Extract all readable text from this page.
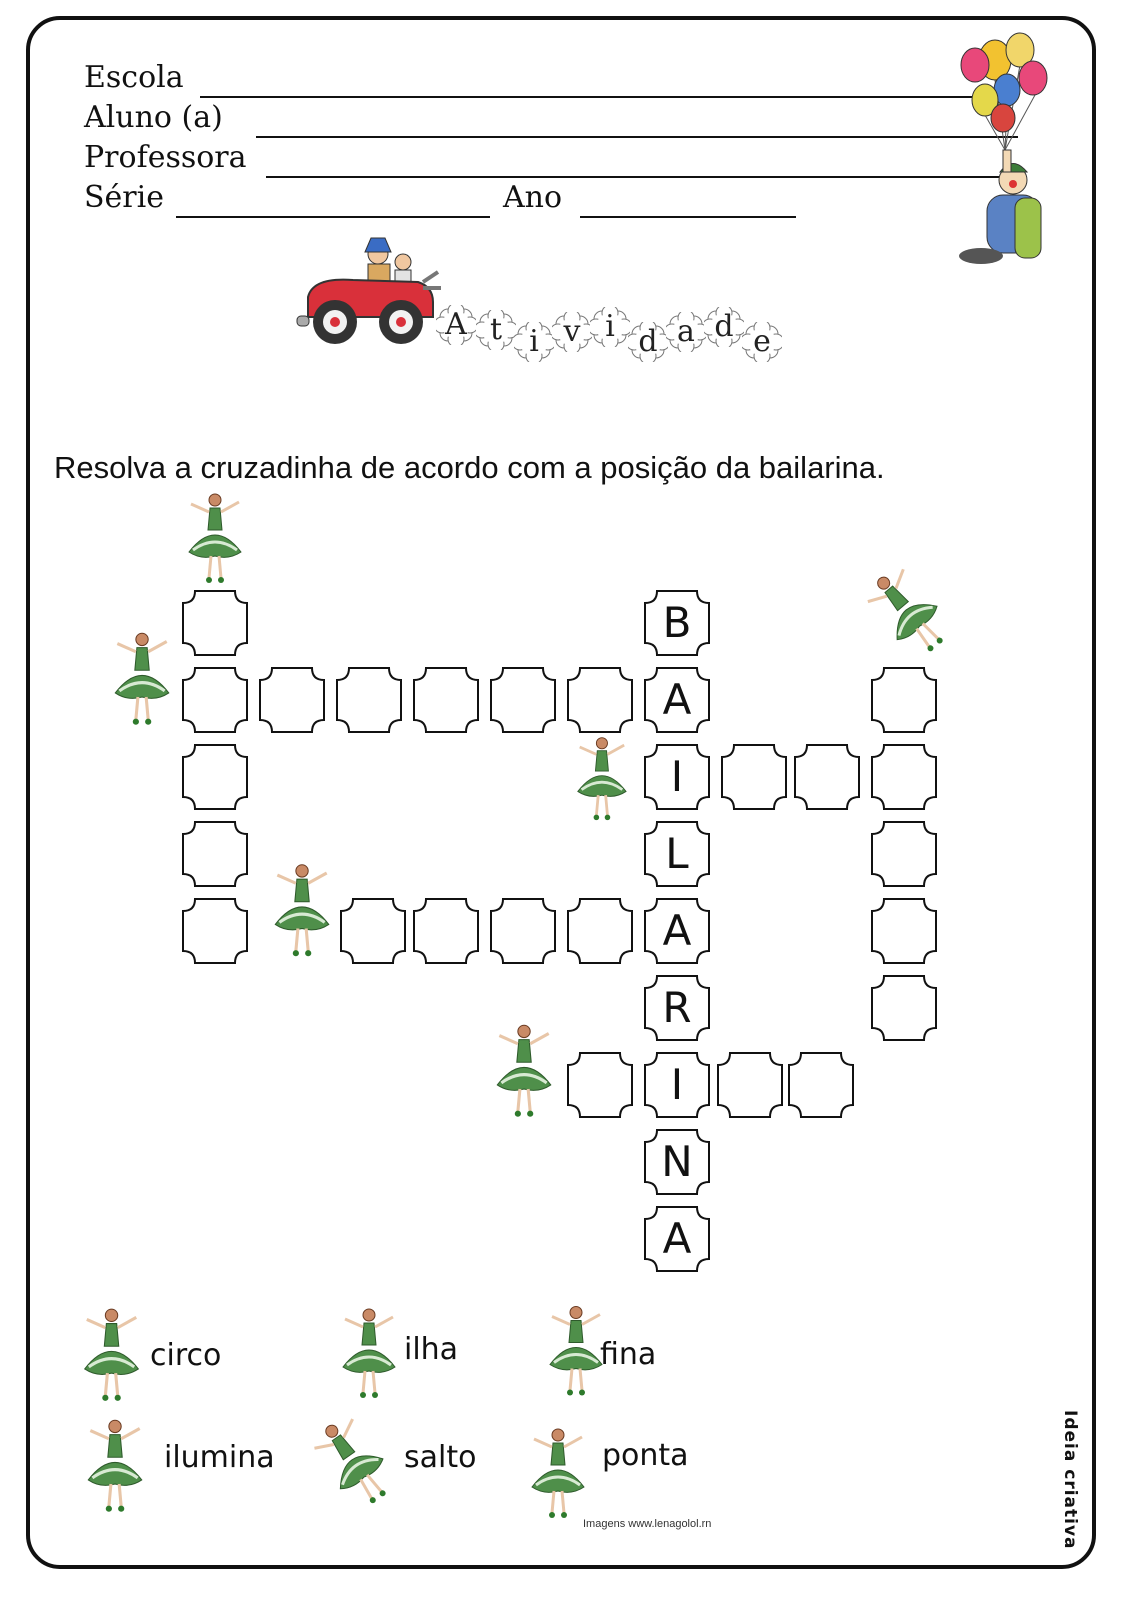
Escola
Aluno (a)
Professora
Série	Ano
A t i v i d a d e
Resolva a cruzadinha de acordo com a posição da bailarina.
B
A
I
L
A
R
I
N
A
circo	ilha	fina
ilumina	salto	ponta
Imagens www.lenagolol.rn	Ideia criativa
